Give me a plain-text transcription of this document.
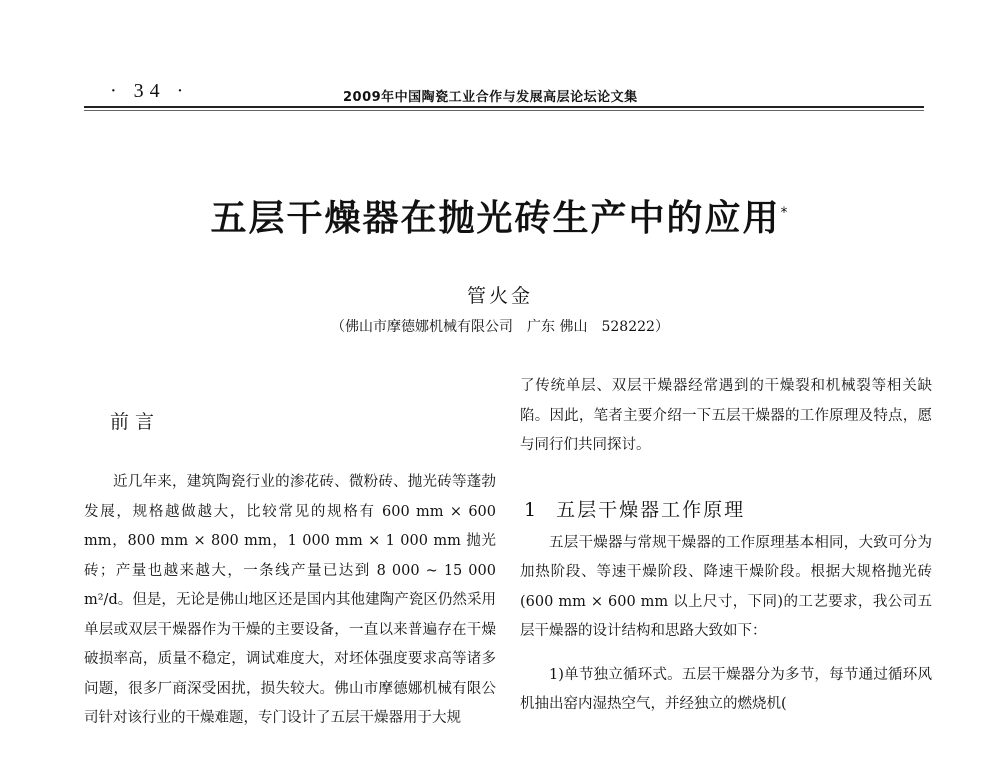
· 34 ·	2009年中国陶瓷工业合作与发展高层论坛论文集
五层干燥器在抛光砖生产中的应用*
管火金
（佛山市摩德娜机械有限公司　广东 佛山　528222）
前言

近几年来，建筑陶瓷行业的渗花砖、微粉砖、抛光砖等蓬勃发展，规格越做越大，比较常见的规格有 600 mm × 600 mm，800 mm × 800 mm，1 000 mm × 1 000 mm 抛光砖；产量也越来越大，一条线产量已达到 8 000 ~ 15 000 m²/d。但是，无论是佛山地区还是国内其他建陶产瓷区仍然采用单层或双层干燥器作为干燥的主要设备，一直以来普遍存在干燥破损率高，质量不稳定，调试难度大，对坯体强度要求高等诸多问题，很多厂商深受困扰，损失较大。佛山市摩德娜机械有限公司针对该行业的干燥难题，专门设计了五层干燥器用于大规

了传统单层、双层干燥器经常遇到的干燥裂和机械裂等相关缺陷。因此，笔者主要介绍一下五层干燥器的工作原理及特点，愿与同行们共同探讨。

五层干燥器与常规干燥器的工作原理基本相同，大致可分为加热阶段、等速干燥阶段、降速干燥阶段。根据大规格抛光砖(600 mm × 600 mm 以上尺寸，下同)的工艺要求，我公司五层干燥器的设计结构和思路大致如下：

1)单节独立循环式。五层干燥器分为多节，每节通过循环风机抽出窑内湿热空气，并经独立的燃烧机(

1 五层干燥器工作原理
